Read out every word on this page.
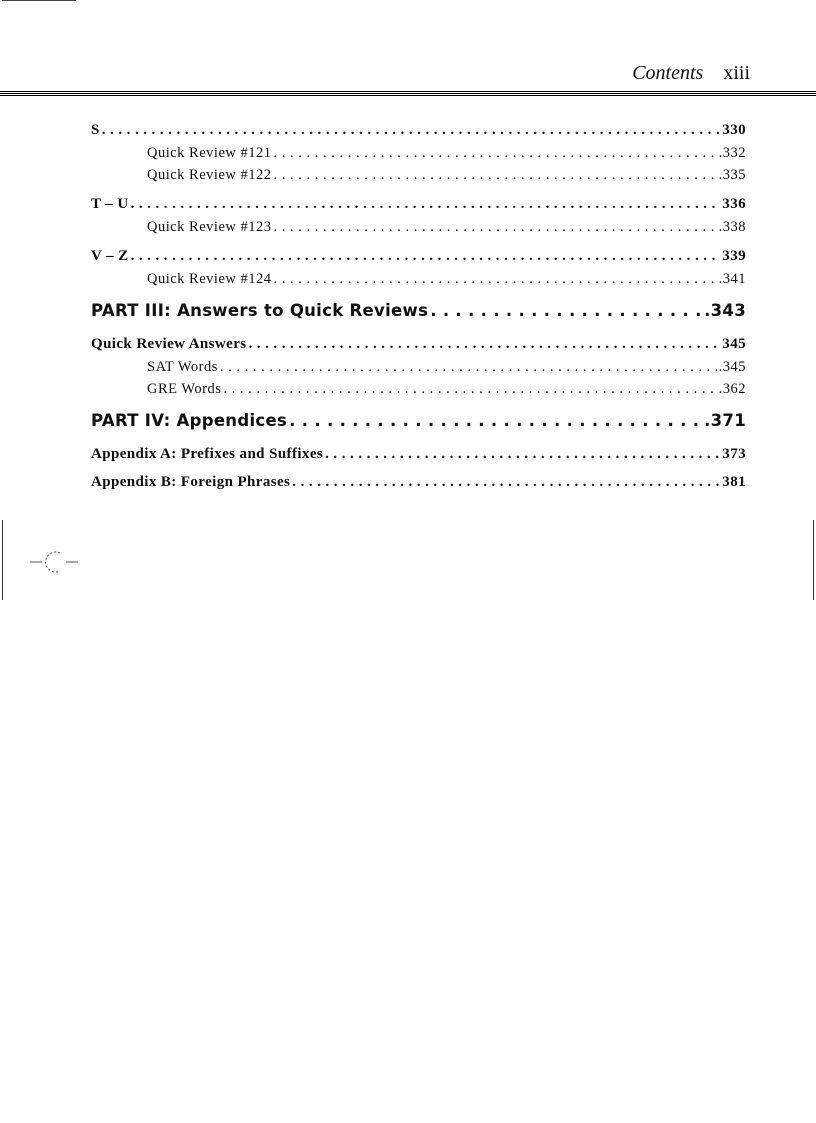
Contents xiii
S . . .	330
Quick Review #121 . . .	.332
Quick Review #122 . . .	.335
T – U . . .	336
Quick Review #123 . . .	.338
V – Z . . .	339
Quick Review #124 . . .	.341
PART III: Answers to Quick Reviews . . .	.343
Quick Review Answers . . .	345
SAT Words . . .	.345
GRE Words . . .	.362
PART IV: Appendices . . .	.371
Appendix A: Prefixes and Suffixes . . .	373
Appendix B: Foreign Phrases . . .	381
